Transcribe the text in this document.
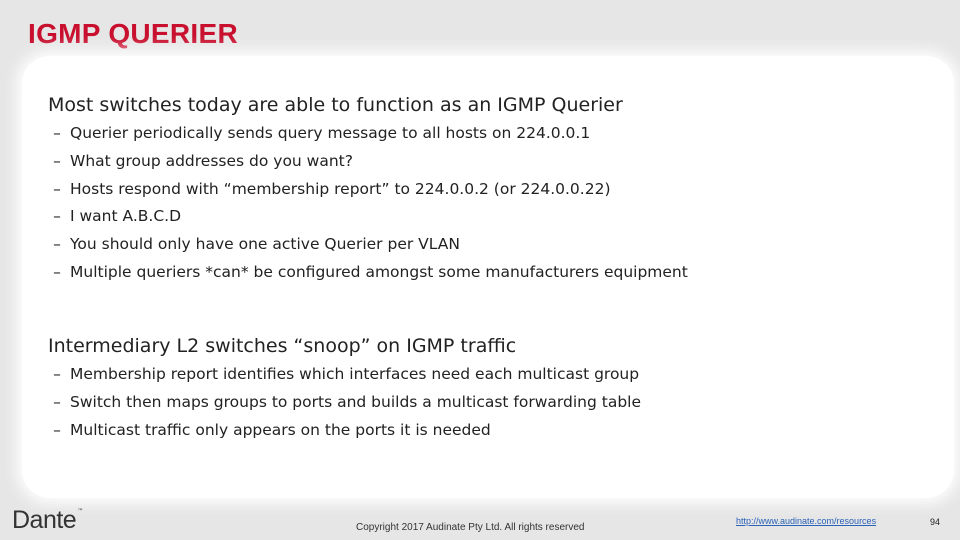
IGMP QUERIER
Most switches today are able to function as an IGMP Querier
– Querier periodically sends query message to all hosts on 224.0.0.1
– What group addresses do you want?
– Hosts respond with “membership report” to 224.0.0.2 (or 224.0.0.22)
– I want A.B.C.D
– You should only have one active Querier per VLAN
– Multiple queriers *can* be configured amongst some manufacturers equipment
Intermediary L2 switches “snoop” on IGMP traffic
– Membership report identifies which interfaces need each multicast group
– Switch then maps groups to ports and builds a multicast forwarding table
– Multicast traffic only appears on the ports it is needed
Dante ™
Copyright 2017 Audinate Pty Ltd. All rights reserved
http://www.audinate.com/resources	94
